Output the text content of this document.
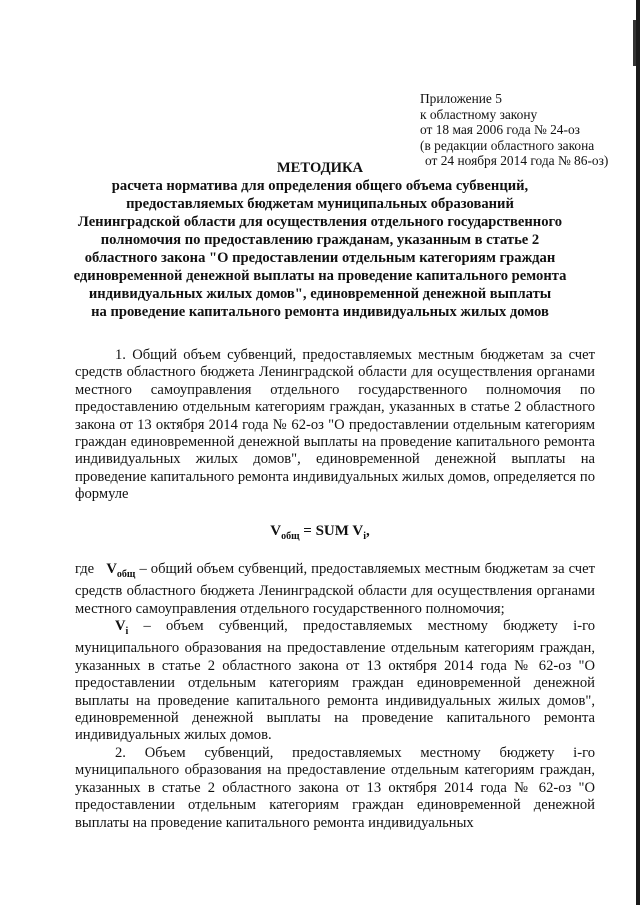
Приложение 5
к областному закону
от 18 мая 2006 года № 24-оз
(в редакции областного закона
от 24 ноября 2014 года № 86-оз)
МЕТОДИКА
расчета норматива для определения общего объема субвенций,
предоставляемых бюджетам муниципальных образований
Ленинградской области для осуществления отдельного государственного
полномочия по предоставлению гражданам, указанным в статье 2
областного закона "О предоставлении отдельным категориям граждан
единовременной денежной выплаты на проведение капитального ремонта
индивидуальных жилых домов", единовременной денежной выплаты
на проведение капитального ремонта индивидуальных жилых домов

1. Общий объем субвенций, предоставляемых местным бюджетам за счет средств областного бюджета Ленинградской области для осуществления органами местного самоуправления отдельного государственного полномочия по предоставлению отдельным категориям граждан, указанных в статье 2 областного закона от 13 октября 2014 года № 62-оз "О предоставлении отдельным категориям граждан единовременной денежной выплаты на проведение капитального ремонта индивидуальных жилых домов", единовременной денежной выплаты на проведение капитального ремонта индивидуальных жилых домов, определяется по формуле

$V_{общ}$ = SUM $V_i$,

где $V_{общ}$ – общий объем субвенций, предоставляемых местным бюджетам за счет средств областного бюджета Ленинградской области для осуществления органами местного самоуправления отдельного государственного полномочия;

$V_i$ – объем субвенций, предоставляемых местному бюджету i-го муниципального образования на предоставление отдельным категориям граждан, указанных в статье 2 областного закона от 13 октября 2014 года № 62-оз "О предоставлении отдельным категориям граждан единовременной денежной выплаты на проведение капитального ремонта индивидуальных жилых домов", единовременной денежной выплаты на проведение капитального ремонта индивидуальных жилых домов.

2. Объем субвенций, предоставляемых местному бюджету i-го муниципального образования на предоставление отдельным категориям граждан, указанных в статье 2 областного закона от 13 октября 2014 года № 62-оз "О предоставлении отдельным категориям граждан единовременной денежной выплаты на проведение капитального ремонта индивидуальных
